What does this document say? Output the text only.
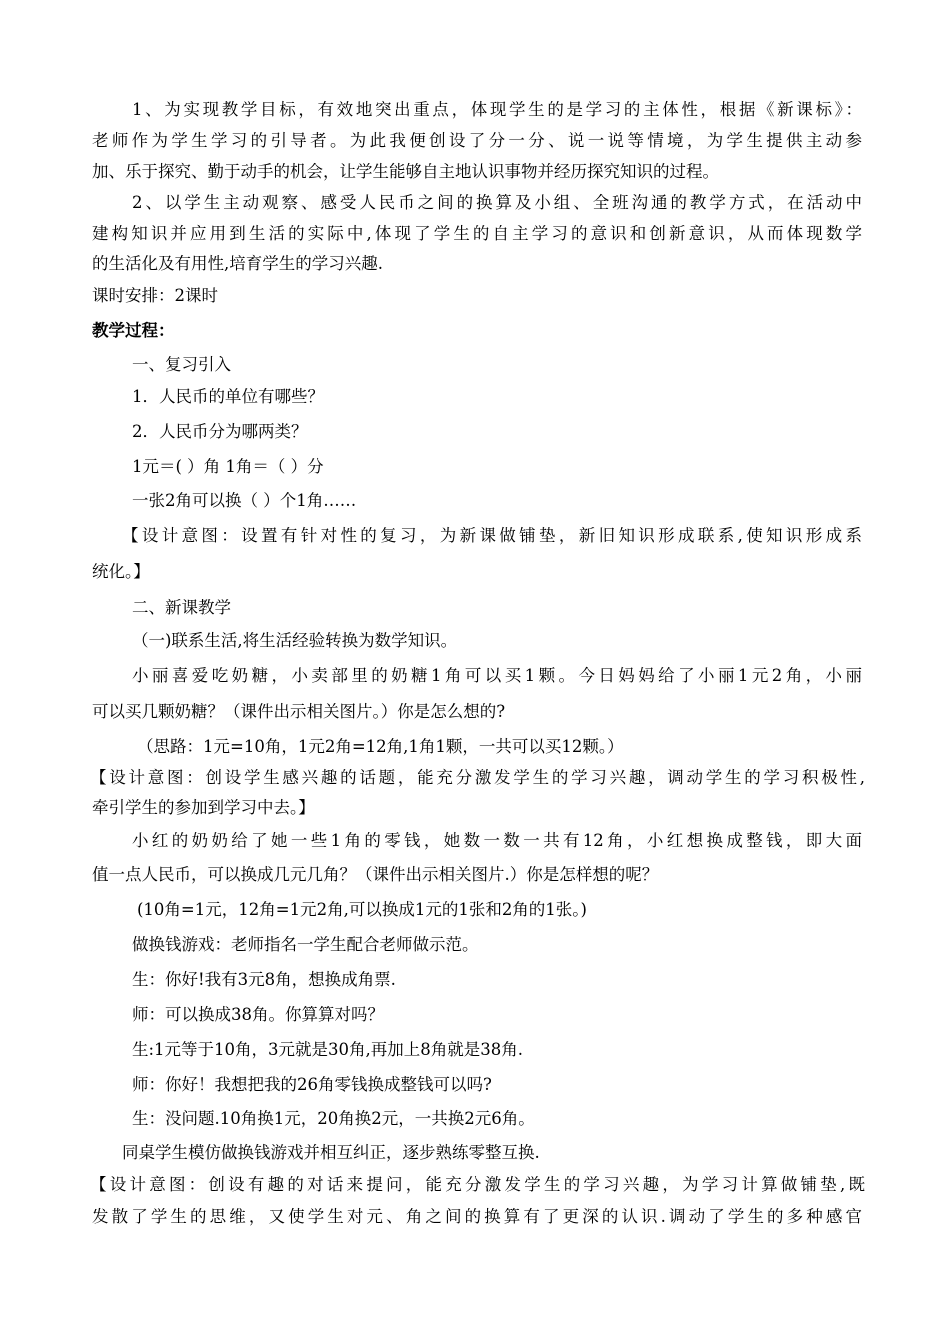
1、为实现教学目标，有效地突出重点，体现学生的是学习的主体性，根据《新课标》：

老师作为学生学习的引导者。为此我便创设了分一分、说一说等情境，为学生提供主动参

加、乐于探究、勤于动手的机会，让学生能够自主地认识事物并经历探究知识的过程。

2、以学生主动观察、感受人民币之间的换算及小组、全班沟通的教学方式，在活动中

建构知识并应用到生活的实际中,体现了学生的自主学习的意识和创新意识，从而体现数学

的生活化及有用性,培育学生的学习兴趣.

课时安排：2课时

教学过程：

一、复习引入

1．人民币的单位有哪些？

2．人民币分为哪两类？

1元＝( ）角 1角＝（ ）分

一张2角可以换（ ）个1角……

【设计意图：设置有针对性的复习，为新课做铺垫，新旧知识形成联系,使知识形成系

统化。】

二、新课教学

（一)联系生活,将生活经验转换为数学知识。

小丽喜爱吃奶糖，小卖部里的奶糖1角可以买1颗。今日妈妈给了小丽1元2角，小丽

可以买几颗奶糖？（课件出示相关图片。）你是怎么想的?

（思路：1元=10角，1元2角=12角,1角1颗，一共可以买12颗。）

【设计意图：创设学生感兴趣的话题，能充分激发学生的学习兴趣，调动学生的学习积极性,

牵引学生的参加到学习中去。】

小红的奶奶给了她一些1角的零钱，她数一数一共有12角，小红想换成整钱，即大面

值一点人民币，可以换成几元几角？（课件出示相关图片.）你是怎样想的呢？

(10角=1元，12角=1元2角,可以换成1元的1张和2角的1张。)

做换钱游戏：老师指名一学生配合老师做示范。

生：你好!我有3元8角，想换成角票.

师：可以换成38角。你算算对吗？

生:1元等于10角，3元就是30角,再加上8角就是38角.

师：你好！我想把我的26角零钱换成整钱可以吗?

生：没问题.10角换1元，20角换2元，一共换2元6角。

同桌学生模仿做换钱游戏并相互纠正，逐步熟练零整互换.

【设计意图：创设有趣的对话来提问，能充分激发学生的学习兴趣，为学习计算做铺垫,既

发散了学生的思维，又使学生对元、角之间的换算有了更深的认识.调动了学生的多种感官
